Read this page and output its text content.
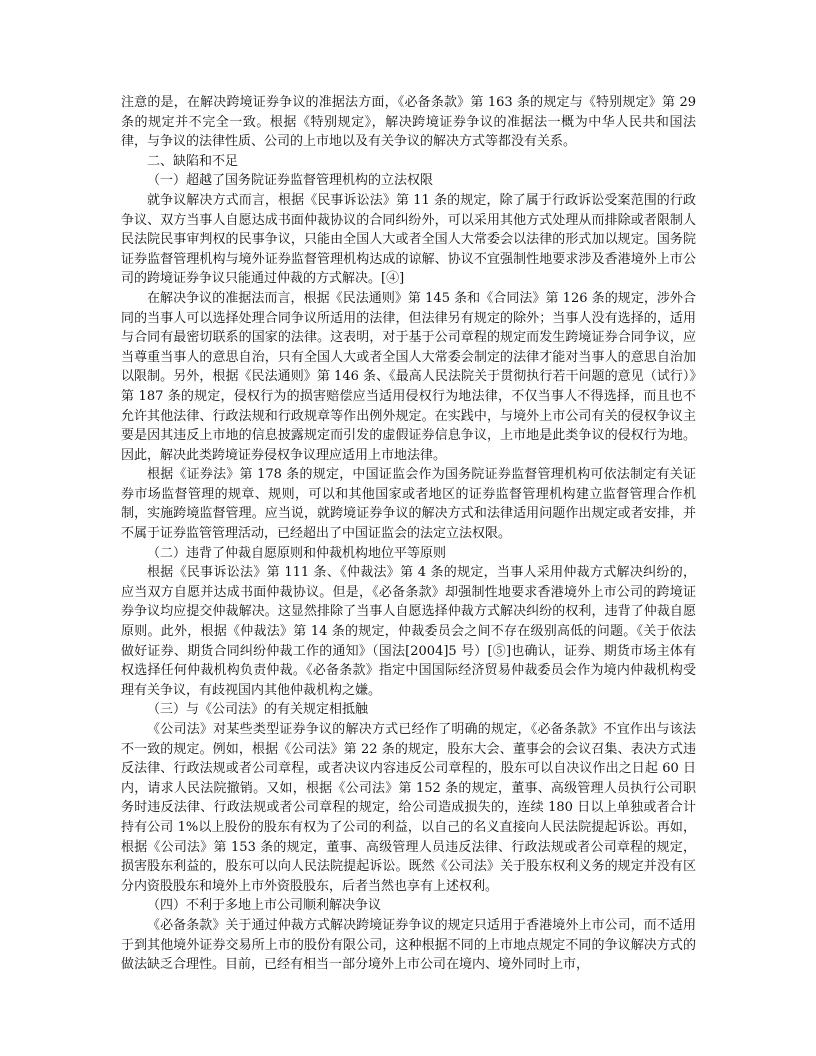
注意的是，在解决跨境证券争议的准据法方面，《必备条款》第 163 条的规定与《特别规定》第 29 条的规定并不完全一致。根据《特别规定》，解决跨境证券争议的准据法一概为中华人民共和国法律，与争议的法律性质、公司的上市地以及有关争议的解决方式等都没有关系。

二、缺陷和不足

（一）超越了国务院证券监督管理机构的立法权限

就争议解决方式而言，根据《民事诉讼法》第 11 条的规定，除了属于行政诉讼受案范围的行政争议、双方当事人自愿达成书面仲裁协议的合同纠纷外，可以采用其他方式处理从而排除或者限制人民法院民事审判权的民事争议，只能由全国人大或者全国人大常委会以法律的形式加以规定。国务院证券监督管理机构与境外证券监督管理机构达成的谅解、协议不宜强制性地要求涉及香港境外上市公司的跨境证券争议只能通过仲裁的方式解决。[④]

在解决争议的准据法而言，根据《民法通则》第 145 条和《合同法》第 126 条的规定，涉外合同的当事人可以选择处理合同争议所适用的法律，但法律另有规定的除外；当事人没有选择的，适用与合同有最密切联系的国家的法律。这表明，对于基于公司章程的规定而发生跨境证券合同争议，应当尊重当事人的意思自治，只有全国人大或者全国人大常委会制定的法律才能对当事人的意思自治加以限制。另外，根据《民法通则》第 146 条、《最高人民法院关于贯彻执行若干问题的意见（试行）》第 187 条的规定，侵权行为的损害赔偿应当适用侵权行为地法律，不仅当事人不得选择，而且也不允许其他法律、行政法规和行政规章等作出例外规定。在实践中，与境外上市公司有关的侵权争议主要是因其违反上市地的信息披露规定而引发的虚假证券信息争议，上市地是此类争议的侵权行为地。因此，解决此类跨境证券侵权争议理应适用上市地法律。

根据《证券法》第 178 条的规定，中国证监会作为国务院证券监督管理机构可依法制定有关证券市场监督管理的规章、规则，可以和其他国家或者地区的证券监督管理机构建立监督管理合作机制，实施跨境监督管理。应当说，就跨境证券争议的解决方式和法律适用问题作出规定或者安排，并不属于证券监管管理活动，已经超出了中国证监会的法定立法权限。

（二）违背了仲裁自愿原则和仲裁机构地位平等原则

根据《民事诉讼法》第 111 条、《仲裁法》第 4 条的规定，当事人采用仲裁方式解决纠纷的，应当双方自愿并达成书面仲裁协议。但是，《必备条款》却强制性地要求香港境外上市公司的跨境证券争议均应提交仲裁解决。这显然排除了当事人自愿选择仲裁方式解决纠纷的权利，违背了仲裁自愿原则。此外，根据《仲裁法》第 14 条的规定，仲裁委员会之间不存在级别高低的问题。《关于依法做好证券、期货合同纠纷仲裁工作的通知》（国法[2004]5 号）[⑤]也确认，证券、期货市场主体有权选择任何仲裁机构负责仲裁。《必备条款》指定中国国际经济贸易仲裁委员会作为境内仲裁机构受理有关争议，有歧视国内其他仲裁机构之嫌。

（三）与《公司法》的有关规定相抵触

《公司法》对某些类型证券争议的解决方式已经作了明确的规定，《必备条款》不宜作出与该法不一致的规定。例如，根据《公司法》第 22 条的规定，股东大会、董事会的会议召集、表决方式违反法律、行政法规或者公司章程，或者决议内容违反公司章程的，股东可以自决议作出之日起 60 日内，请求人民法院撤销。又如，根据《公司法》第 152 条的规定，董事、高级管理人员执行公司职务时违反法律、行政法规或者公司章程的规定，给公司造成损失的，连续 180 日以上单独或者合计持有公司 1%以上股份的股东有权为了公司的利益，以自己的名义直接向人民法院提起诉讼。再如，根据《公司法》第 153 条的规定，董事、高级管理人员违反法律、行政法规或者公司章程的规定，损害股东利益的，股东可以向人民法院提起诉讼。既然《公司法》关于股东权利义务的规定并没有区分内资股股东和境外上市外资股股东，后者当然也享有上述权利。

（四）不利于多地上市公司顺利解决争议

《必备条款》关于通过仲裁方式解决跨境证券争议的规定只适用于香港境外上市公司，而不适用于到其他境外证券交易所上市的股份有限公司，这种根据不同的上市地点规定不同的争议解决方式的做法缺乏合理性。目前，已经有相当一部分境外上市公司在境内、境外同时上市，
